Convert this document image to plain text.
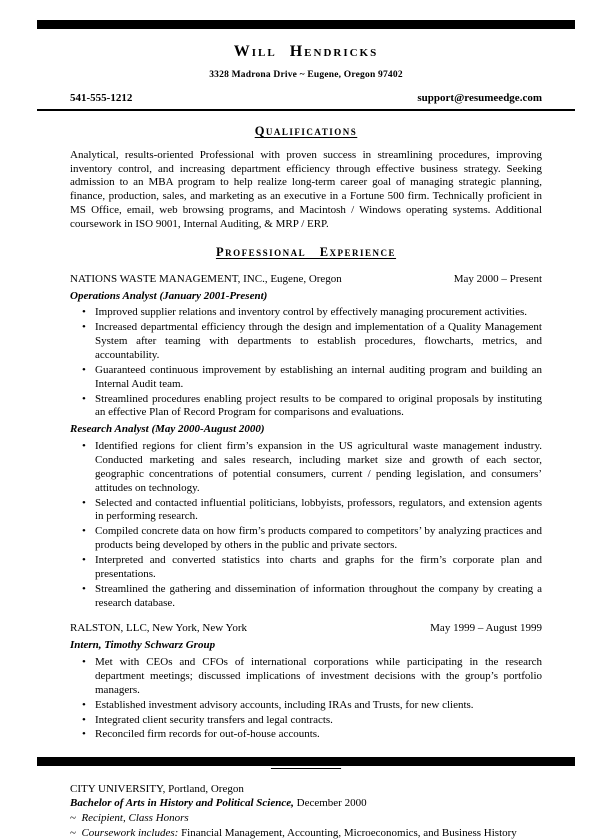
Will Hendricks
3328 Madrona Drive ~ Eugene, Oregon 97402
541-555-1212	support@resumeedge.com
Qualifications

Analytical, results-oriented Professional with proven success in streamlining procedures, improving inventory control, and increasing department efficiency through effective business strategy. Seeking admission to an MBA program to help realize long-term career goal of managing strategic planning, finance, production, sales, and marketing as an executive in a Fortune 500 firm. Technically proficient in MS Office, email, web browsing programs, and Macintosh / Windows operating systems. Additional coursework in ISO 9001, Internal Auditing, & MRP / ERP.

Professional Experience
NATIONS WASTE MANAGEMENT, INC., Eugene, Oregon	May 2000 – Present
Operations Analyst (January 2001-Present)
• Improved supplier relations and inventory control by effectively managing procurement activities.
• Increased departmental efficiency through the design and implementation of a Quality Management System after teaming with departments to establish procedures, flowcharts, metrics, and accountability.
• Guaranteed continuous improvement by establishing an internal auditing program and building an Internal Audit team.
• Streamlined procedures enabling project results to be compared to original proposals by instituting an effective Plan of Record Program for comparisons and evaluations.
Research Analyst (May 2000-August 2000)
• Identified regions for client firm’s expansion in the US agricultural waste management industry. Conducted marketing and sales research, including market size and growth of each sector, geographic concentrations of potential consumers, current / pending legislation, and consumers’ attitudes on technology.
• Selected and contacted influential politicians, lobbyists, professors, regulators, and extension agents in performing research.
• Compiled concrete data on how firm’s products compared to competitors’ by analyzing practices and products being developed by others in the public and private sectors.
• Interpreted and converted statistics into charts and graphs for the firm’s corporate plan and presentations.
• Streamlined the gathering and dissemination of information throughout the company by creating a research database.
RALSTON, LLC, New York, New York	May 1999 – August 1999
Intern, Timothy Schwarz Group
• Met with CEOs and CFOs of international corporations while participating in the research department meetings; discussed implications of investment decisions with the group’s portfolio managers.
• Established investment advisory accounts, including IRAs and Trusts, for new clients.
• Integrated client security transfers and legal contracts.
• Reconciled firm records for out-of-house accounts.
CITY UNIVERSITY, Portland, Oregon
Bachelor of Arts in History and Political Science, December 2000
~ Recipient, Class Honors
~ Coursework includes: Financial Management, Accounting, Microeconomics, and Business History
